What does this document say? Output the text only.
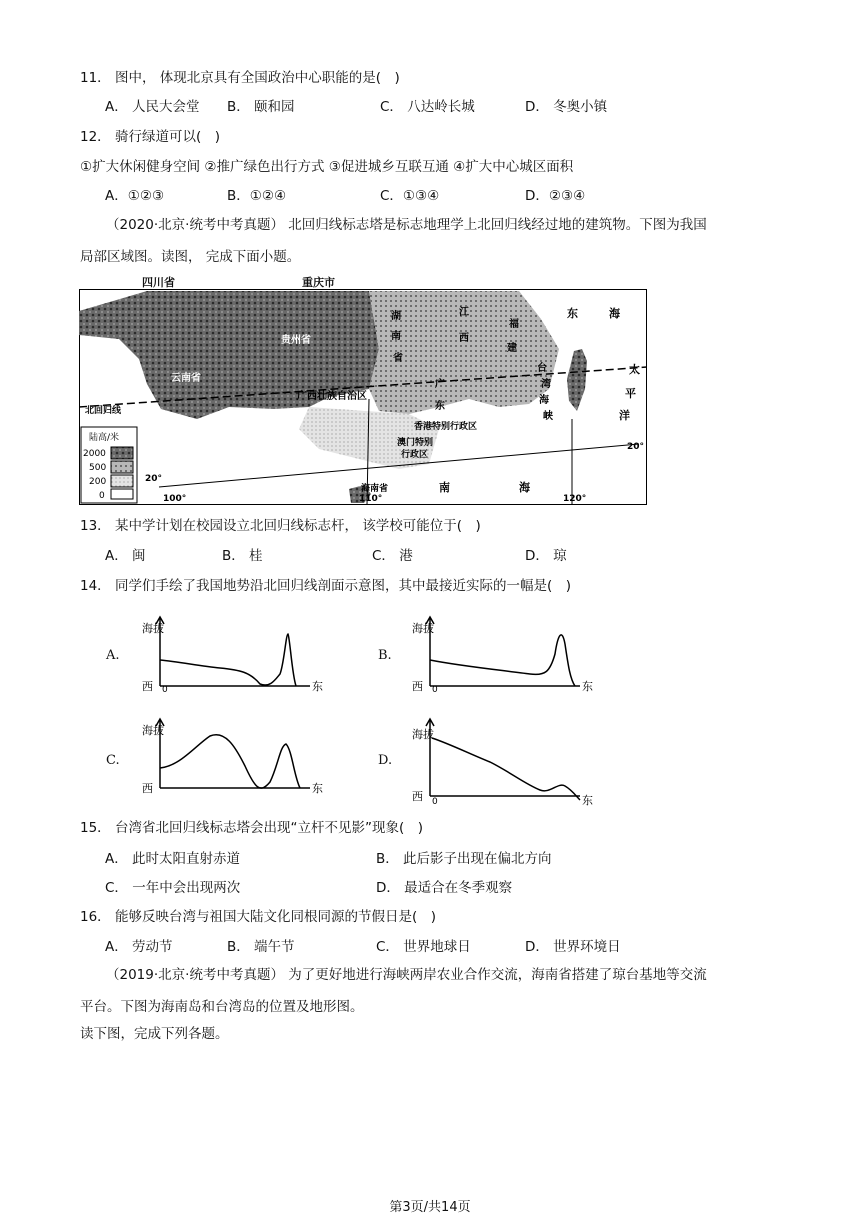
11． 图中， 体现北京具有全国政治中心职能的是(　)
A． 人民大会堂 B． 颐和园	C． 八达岭长城	D． 冬奥小镇
12． 骑行绿道可以(　)
①扩大休闲健身空间 ②推广绿色出行方式 ③促进城乡互联互通 ④扩大中心城区面积
A．①②③	B．①②④	C．①③④	D．②③④
（2020·北京·统考中考真题） 北回归线标志塔是标志地理学上北回归线经过地的建筑物。下图为我国
局部区域图。读图， 完成下面小题。
陆高/米
2000
500
200
0
贵州省
云南省
广西壮族自治区
湖
南
省
江
西
福
建
广
东
台
湾
海
峡
香港特别行政区
澳门特别
行政区
东	海
太
平
洋
南	海
海南省
北回归线
20°
100°	110°	120°
20°
四川省	重庆市
13． 某中学计划在校园设立北回归线标志杆， 该学校可能位于(　)
A． 闽	B． 桂	C． 港	D． 琼
14． 同学们手绘了我国地势沿北回归线剖面示意图，其中最接近实际的一幅是(　)
A.	B.
C.	D.
海拔
西 0	东
海拔
西 0	东
海拔
西	东
海拔
西 0	东
15． 台湾省北回归线标志塔会出现“立杆不见影”现象(　)
A． 此时太阳直射赤道	B． 此后影子出现在偏北方向
C． 一年中会出现两次	D． 最适合在冬季观察
16． 能够反映台湾与祖国大陆文化同根同源的节假日是(　)
A． 劳动节	B． 端午节	C． 世界地球日	D． 世界环境日
（2019·北京·统考中考真题） 为了更好地进行海峡两岸农业合作交流，海南省搭建了琼台基地等交流
平台。下图为海南岛和台湾岛的位置及地形图。
读下图，完成下列各题。
第3页/共14页
